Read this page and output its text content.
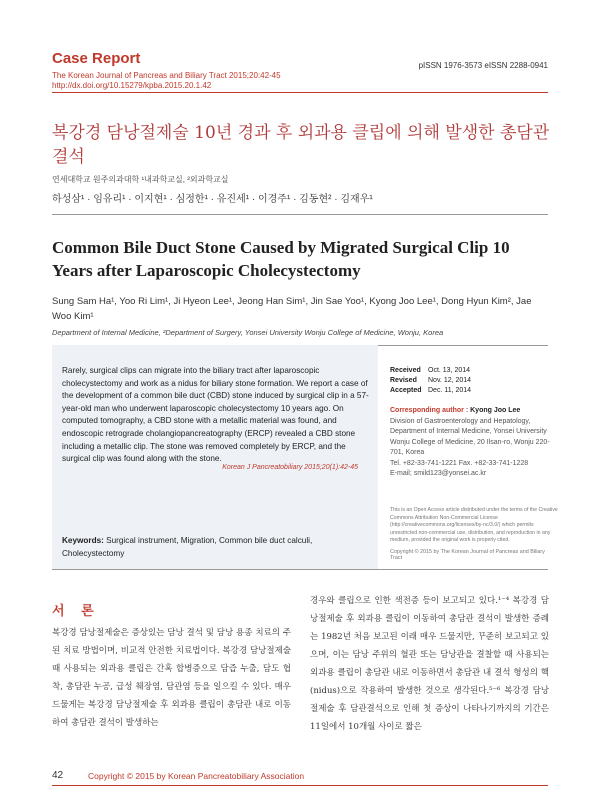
Case Report
The Korean Journal of Pancreas and Biliary Tract 2015;20:42-45
http://dx.doi.org/10.15279/kpba.2015.20.1.42
pISSN 1976-3573 eISSN 2288-0941
복강경 담낭절제술 10년 경과 후 외과용 클립에 의해 발생한 총담관결석
연세대학교 원주의과대학 ¹내과학교실, ²외과학교실
하성삼¹ · 임유리¹ · 이지현¹ · 심정한¹ · 유진세¹ · 이경주¹ · 김동현² · 김재우¹
Common Bile Duct Stone Caused by Migrated Surgical Clip 10 Years after Laparoscopic Cholecystectomy
Sung Sam Ha¹, Yoo Ri Lim¹, Ji Hyeon Lee¹, Jeong Han Sim¹, Jin Sae Yoo¹, Kyong Joo Lee¹, Dong Hyun Kim², Jae Woo Kim¹
Department of Internal Medicine, ²Department of Surgery, Yonsei University Wonju College of Medicine, Wonju, Korea
Rarely, surgical clips can migrate into the biliary tract after laparoscopic cholecystectomy and work as a nidus for biliary stone formation. We report a case of the development of a common bile duct (CBD) stone induced by surgical clip in a 57-year-old man who underwent laparoscopic cholecystectomy 10 years ago. On computed tomography, a CBD stone with a metallic material was found, and endoscopic retrograde cholangiopancreatography (ERCP) revealed a CBD stone including a metallic clip. The stone was removed completely by ERCP, and the surgical clip was found along with the stone.
Korean J Pancreatobiliary 2015;20(1):42-45
Keywords: Surgical instrument, Migration, Common bile duct calculi, Cholecystectomy
Received	Oct. 13, 2014
Revised	Nov. 12, 2014
Accepted Dec. 11, 2014
Corresponding author : Kyong Joo Lee
Division of Gastroenterology and Hepatology, Department of Internal Medicine, Yonsei University Wonju College of Medicine, 20 Ilsan-ro, Wonju 220-701, Korea
Tel. +82-33-741-1221 Fax. +82-33-741-1228
E-mail; smild123@yonsei.ac.kr
This is an Open Access article distributed under the terms of the Creative Commons Attribution Non-Commercial License (http://creativecommons.org/licenses/by-nc/3.0/) which permits unrestricted non-commercial use, distribution, and reproduction in any medium, provided the original work is properly cited.
Copyright © 2015 by The Korean Journal of Pancreas and Biliary Tract
서 론
복강경 담낭절제술은 증상있는 담낭 결석 및 담낭 용종 치료의 주된 치료 방법이며, 비교적 안전한 치료법이다. 복강경 담낭절제술 때 사용되는 외과용 클립은 간혹 합병증으로 담즙 누출, 담도 협착, 총담관 누공, 급성 췌장염, 담관염 등을 일으킬 수 있다. 매우 드물게는 복강경 담낭절제술 후 외과용 클립이 총담관 내로 이동하여 총담관 결석이 발생하는
경우와 클립으로 인한 색전증 등이 보고되고 있다.¹⁻⁴ 복강경 담낭절제술 후 외과용 클립이 이동하여 총담관 결석이 발생한 증례는 1982년 처음 보고된 이래 매우 드물지만, 꾸준히 보고되고 있으며, 이는 담낭 주위의 혈관 또는 담낭관을 결찰할 때 사용되는 외과용 클립이 총담관 내로 이동하면서 총담관 내 결석 형성의 핵(nidus)으로 작용하여 발생한 것으로 생각된다.⁵⁻⁶ 복강경 담낭절제술 후 담관결석으로 인해 첫 증상이 나타나기까지의 기간은 11일에서 10개월 사이로 짧은
42	Copyright © 2015 by Korean Pancreatobiliary Association
